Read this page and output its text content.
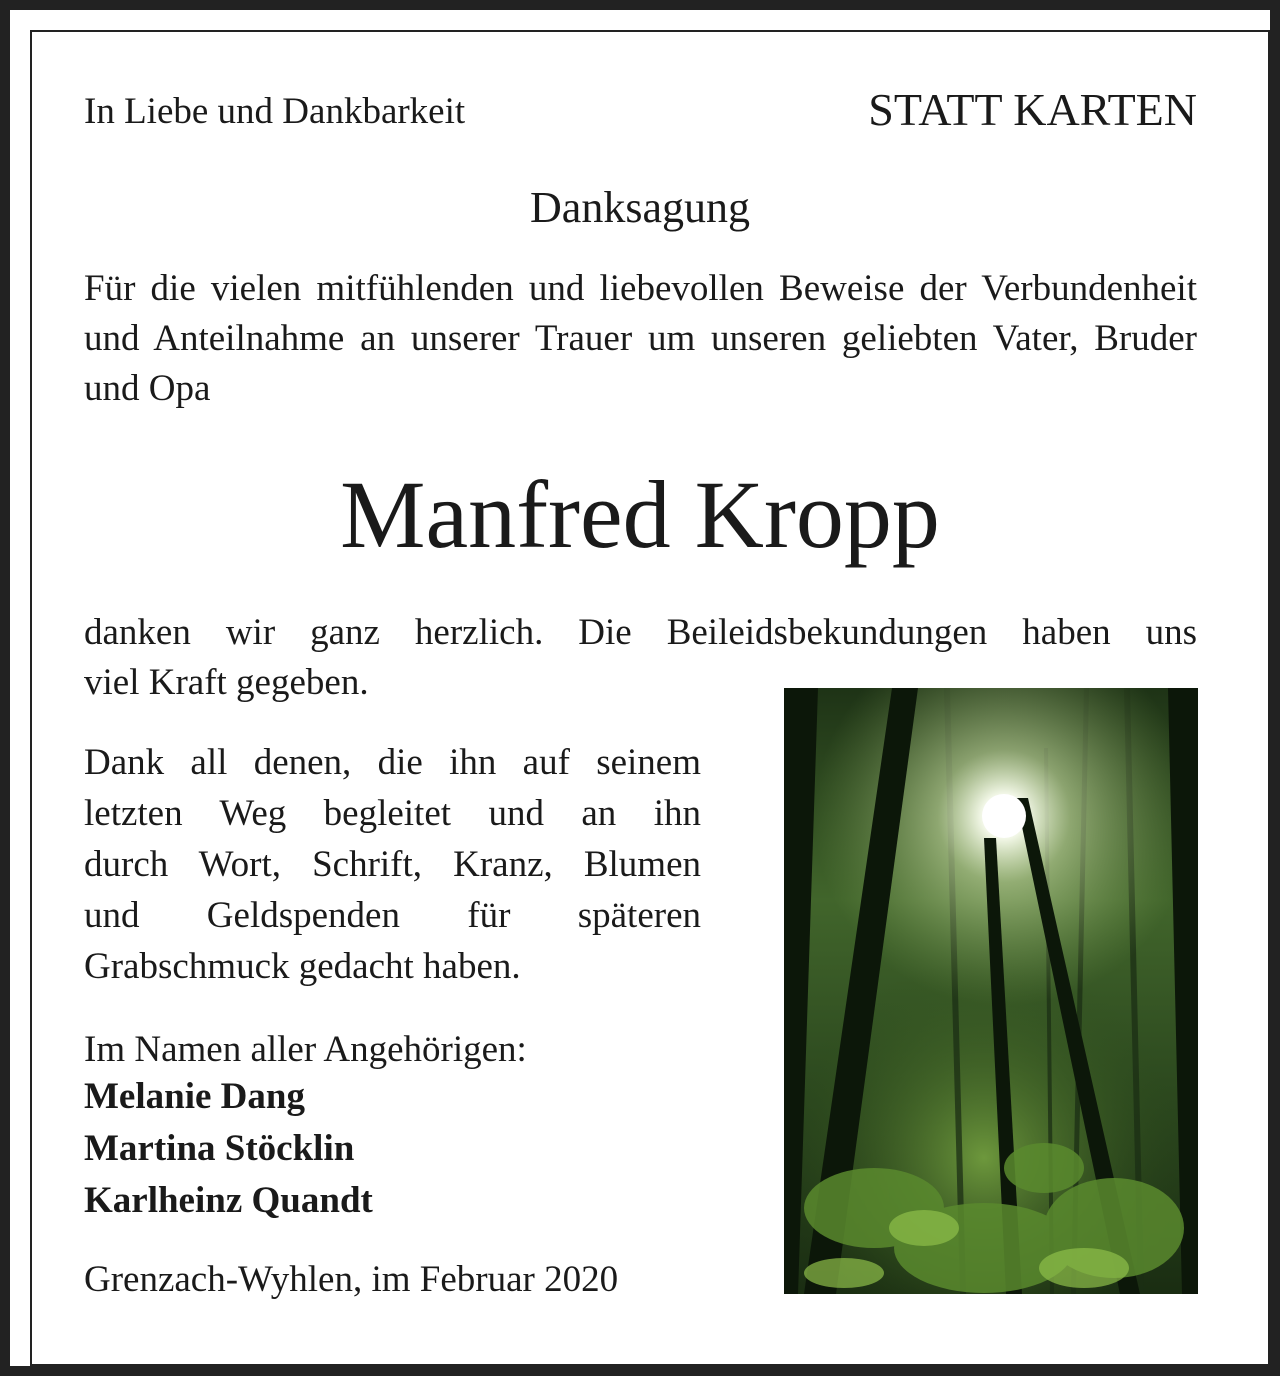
In Liebe und Dankbarkeit	STATT KARTEN

Danksagung

Für die vielen mitfühlenden und liebevollen Beweise der Verbundenheit und Anteilnahme an unserer Trauer um unseren geliebten Vater, Bruder und Opa

Manfred Kropp

danken wir ganz herzlich. Die Beileidsbekundungen haben uns
viel Kraft gegeben.

Dank all denen, die ihn auf seinem
letzten Weg begleitet und an ihn
durch Wort, Schrift, Kranz, Blumen
und Geldspenden für späteren
Grabschmuck gedacht haben.

Im Namen aller Angehörigen:

Melanie Dang
Martina Stöcklin
Karlheinz Quandt

Grenzach-Wyhlen, im Februar 2020
